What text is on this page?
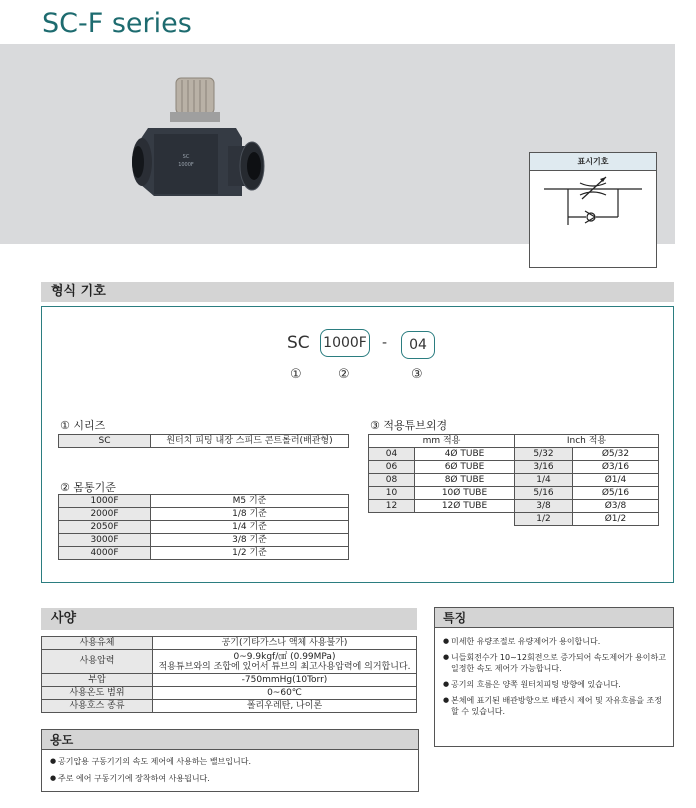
SC-F series
SC
1000F	표시기호
형식 기호
SC 1000F -	04
①	②	③
① 시리즈
SC	원터치 피팅 내장 스피드 콘트롤러(배관형)
② 몸통기준
1000F	M5 기준
2000F	1/8 기준
2050F	1/4 기준
3000F	3/8 기준
4000F	1/2 기준
③ 적용튜브외경
mm 적용		Inch 적용	
04	4Ø TUBE	5/32	Ø5/32
06	6Ø TUBE	3/16	Ø3/16
08	8Ø TUBE	1/4	Ø1/4
10	10Ø TUBE	5/16	Ø5/16
12	12Ø TUBE	3/8	Ø3/8
		1/2	Ø1/2
사양
사용유체	공기(기타가스나 액체 사용불가)
사용압력	0~9.9kgf/㎠ (0.99MPa)
적용튜브와의 조합에 있어서 튜브의 최고사용압력에 의거합니다.

부압	-750mmHg(10Torr)
사용온도 범위	0~60℃
사용호스 종류	폴리우레탄, 나이론
특징
● 미세한 유량조절로 유량제어가 용이합니다.
● 니들회전수가 10~12회전으로 증가되어 속도제어가 용이하고 일정한 속도 제어가 가능합니다.
● 공기의 흐름은 양쪽 원터치피팅 방향에 있습니다.
● 본체에 표기된 배관방향으로 배관시 제어 및 자유흐름을 조정할 수 있습니다.
용도
● 공기압용 구동기기의 속도 제어에 사용하는 밸브입니다.
● 주로 에어 구동기기에 장착하여 사용됩니다.
